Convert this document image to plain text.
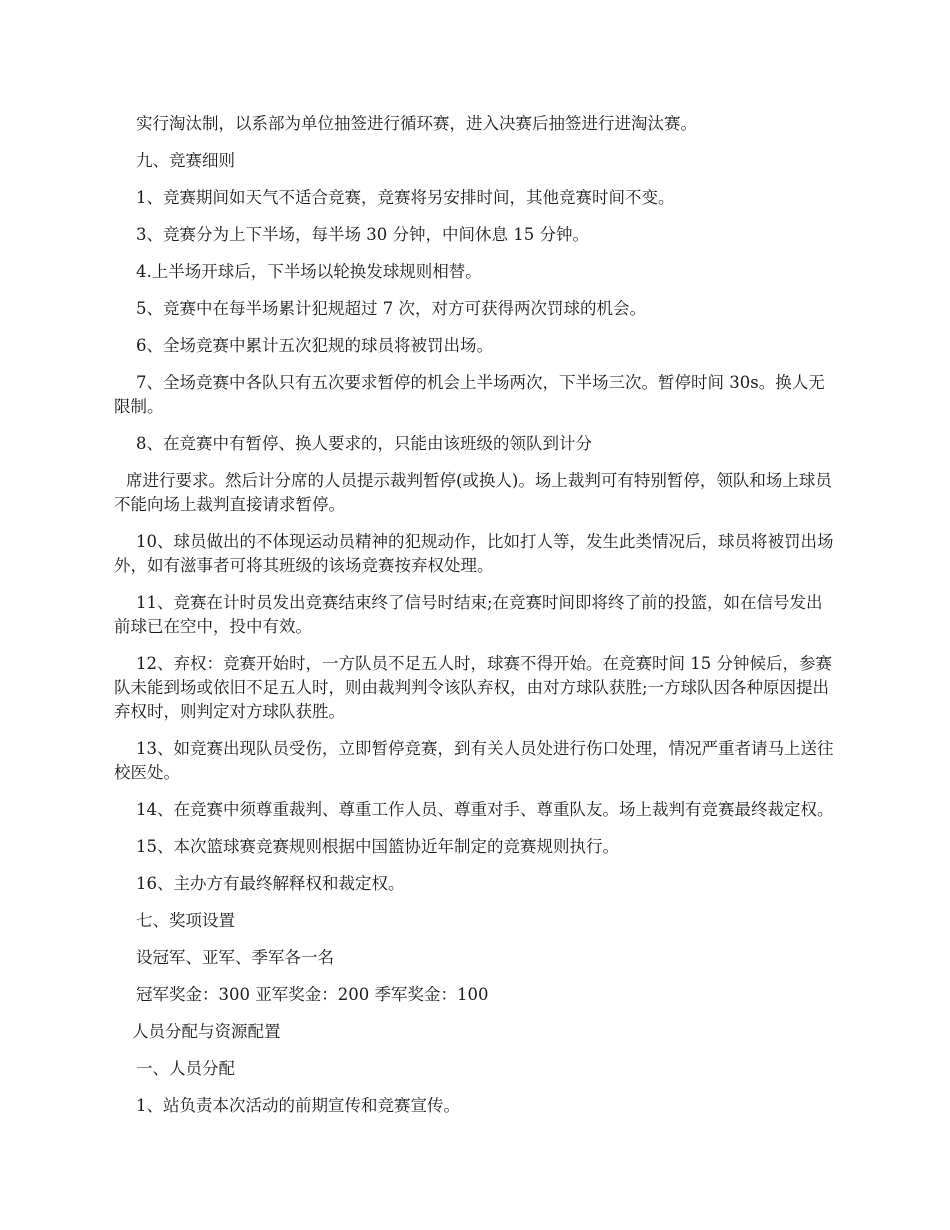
实行淘汰制，以系部为单位抽签进行循环赛，进入决赛后抽签进行进淘汰赛。

九、竞赛细则

1、竞赛期间如天气不适合竞赛，竞赛将另安排时间，其他竞赛时间不变。

3、竞赛分为上下半场，每半场 30 分钟，中间休息 15 分钟。

4.上半场开球后，下半场以轮换发球规则相替。

5、竞赛中在每半场累计犯规超过 7 次，对方可获得两次罚球的机会。

6、全场竞赛中累计五次犯规的球员将被罚出场。

7、全场竞赛中各队只有五次要求暂停的机会上半场两次，下半场三次。暂停时间 30s。换人无限制。

8、在竞赛中有暂停、换人要求的，只能由该班级的领队到计分

席进行要求。然后计分席的人员提示裁判暂停(或换人)。场上裁判可有特别暂停，领队和场上球员不能向场上裁判直接请求暂停。

10、球员做出的不体现运动员精神的犯规动作，比如打人等，发生此类情况后，球员将被罚出场外，如有滋事者可将其班级的该场竞赛按弃权处理。

11、竞赛在计时员发出竞赛结束终了信号时结束;在竞赛时间即将终了前的投篮，如在信号发出前球已在空中，投中有效。

12、弃权：竞赛开始时，一方队员不足五人时，球赛不得开始。在竞赛时间 15 分钟候后，参赛队未能到场或依旧不足五人时，则由裁判判令该队弃权，由对方球队获胜;一方球队因各种原因提出弃权时，则判定对方球队获胜。

13、如竞赛出现队员受伤，立即暂停竞赛，到有关人员处进行伤口处理，情况严重者请马上送往校医处。

14、在竞赛中须尊重裁判、尊重工作人员、尊重对手、尊重队友。场上裁判有竞赛最终裁定权。

15、本次篮球赛竞赛规则根据中国篮协近年制定的竞赛规则执行。

16、主办方有最终解释权和裁定权。

七、奖项设置

设冠军、亚军、季军各一名

冠军奖金：300 亚军奖金：200 季军奖金：100

人员分配与资源配置

一、人员分配

1、站负责本次活动的前期宣传和竞赛宣传。
